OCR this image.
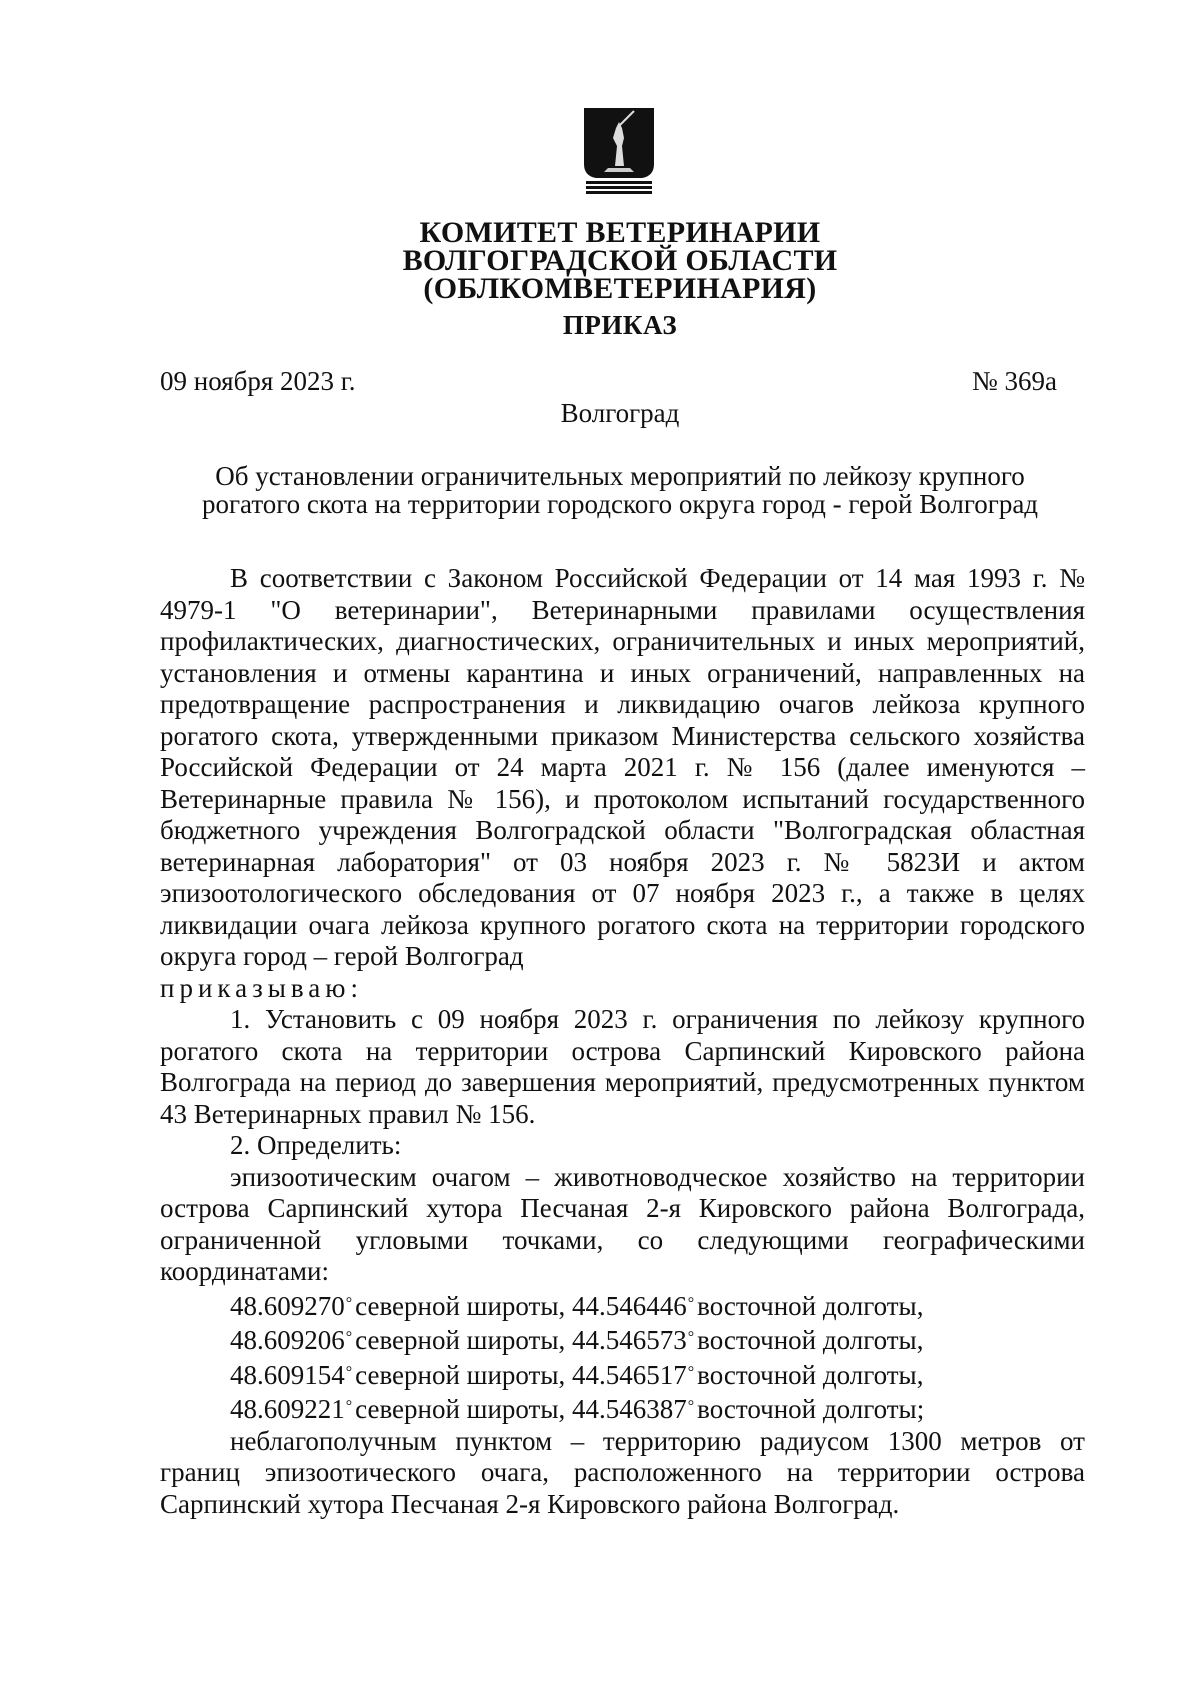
КОМИТЕТ ВЕТЕРИНАРИИ
ВОЛГОГРАДСКОЙ ОБЛАСТИ
(ОБЛКОМВЕТЕРИНАРИЯ)
ПРИКАЗ
09 ноября 2023 г.	№ 369а
Волгоград
Об установлении ограничительных мероприятий по лейкозу крупного
рогатого скота на территории городского округа город - герой Волгоград

В соответствии с Законом Российской Федерации от 14 мая 1993 г. № 4979-1 "О ветеринарии", Ветеринарными правилами осуществления профилактических, диагностических, ограничительных и иных мероприятий, установления и отмены карантина и иных ограничений, направленных на предотвращение распространения и ликвидацию очагов лейкоза крупного рогатого скота, утвержденными приказом Министерства сельского хозяйства Российской Федерации от 24 марта 2021 г. № 156 (далее именуются – Ветеринарные правила № 156), и протоколом испытаний государственного бюджетного учреждения Волгоградской области "Волгоградская областная ветеринарная лаборатория" от 03 ноября 2023 г. № 5823И и актом эпизоотологического обследования от 07 ноября 2023 г., а также в целях ликвидации очага лейкоза крупного рогатого скота на территории городского округа город – герой Волгоград

приказываю:

1. Установить с 09 ноября 2023 г. ограничения по лейкозу крупного рогатого скота на территории острова Сарпинский Кировского района Волгограда на период до завершения мероприятий, предусмотренных пунктом 43 Ветеринарных правил № 156.

2. Определить:

эпизоотическим очагом – животноводческое хозяйство на территории острова Сарпинский хутора Песчаная 2-я Кировского района Волгограда, ограниченной угловыми точками, со следующими географическими координатами:

48.609270° северной широты, 44.546446° восточной долготы,

48.609206° северной широты, 44.546573° восточной долготы,

48.609154° северной широты, 44.546517° восточной долготы,

48.609221° северной широты, 44.546387° восточной долготы;

неблагополучным пунктом – территорию радиусом 1300 метров от границ эпизоотического очага, расположенного на территории острова Сарпинский хутора Песчаная 2-я Кировского района Волгоград.
